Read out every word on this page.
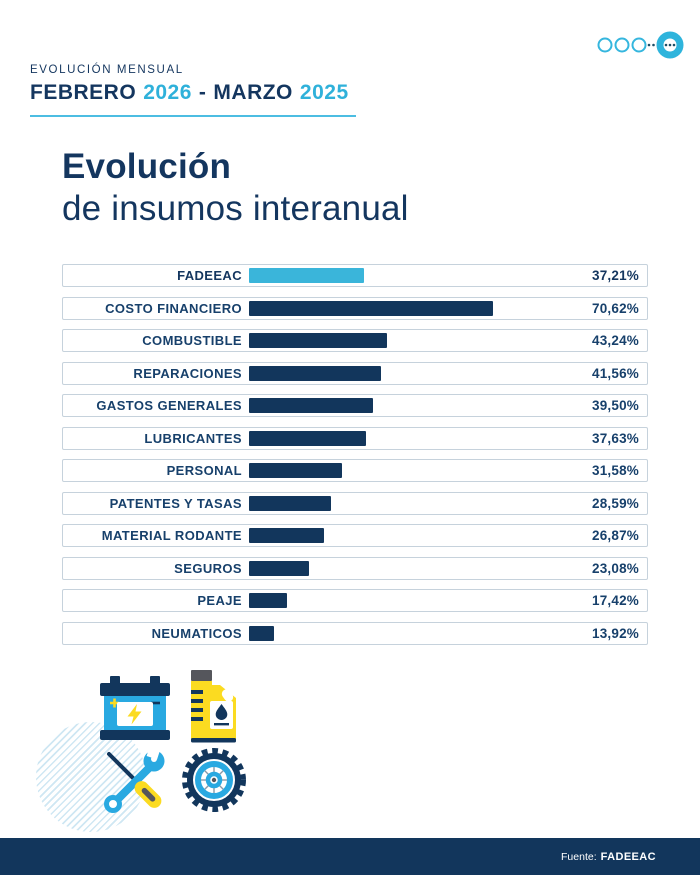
EVOLUCIÓN MENSUAL
FEBRERO 2026 - MARZO 2025
Evolución
de insumos interanual
FADEEAC	37,21%
COSTO FINANCIERO	70,62%
COMBUSTIBLE	43,24%
REPARACIONES	41,56%
GASTOS GENERALES	39,50%
LUBRICANTES	37,63%
PERSONAL	31,58%
PATENTES Y TASAS	28,59%
MATERIAL RODANTE	26,87%
SEGUROS	23,08%
PEAJE	17,42%
NEUMATICOS	13,92%
Fuente: FADEEAC
